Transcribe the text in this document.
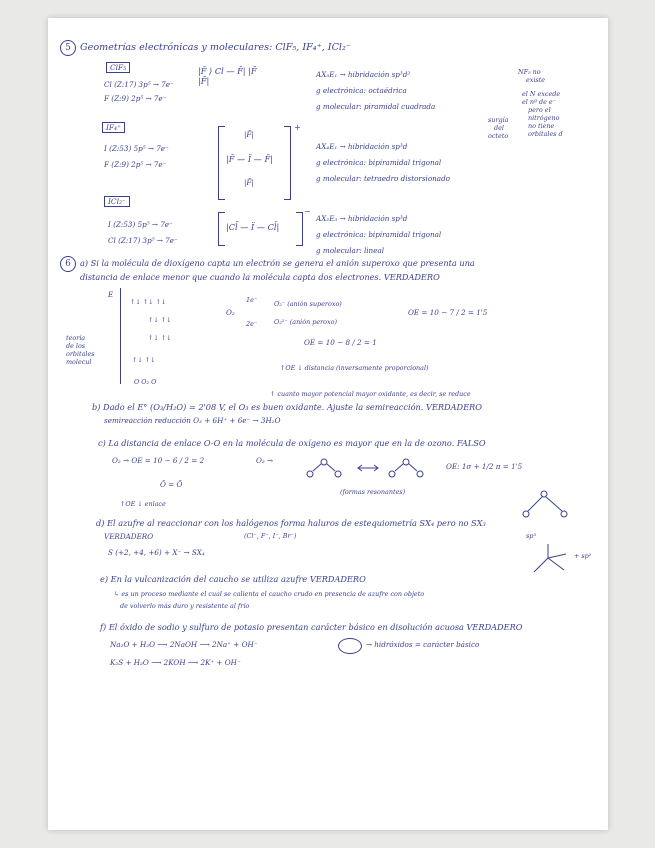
5 Geometrías electrónicas y moleculares: ClF₅, IF₄⁺, ICl₂⁻
ClF₅
Cl (Z:17) 3p⁵ → 7e⁻
F (Z:9) 2p⁵ → 7e⁻
|F̄ ⟩ Cl — F̄| |F̄ |F̄|
AX₅E₁ → hibridación sp³d²
g electrónica: octaédrica
g molecular: piramidal cuadrada
NF₅ no
existe
el N excede
el nº de e⁻
pero el
nitrógeno
no tiene
orbitales d
surgía
del
octeto
IF₄⁺
I (Z:53) 5p⁵ → 7e⁻
F (Z:9) 2p⁵ → 7e⁻
|F̄|
|F̄ — Ï — F̄|
|F̄|
+
AX₄E₁ → hibridación sp³d
g electrónica: bipiramidal trigonal
g molecular: tetraedro distorsionado
ICl₂⁻
I (Z:53) 5p⁵ → 7e⁻
Cl (Z:17) 3p⁵ → 7e⁻
|Cl̄ — Ï — Cl̄|
−
AX₂E₃ → hibridación sp³d
g electrónica: bipiramidal trigonal
g molecular: lineal
6	a) Si la molécula de dioxígeno capta un electrón se genera el anión superoxo que presenta una
distancia de enlace menor que cuando la molécula capta dos electrones. VERDADERO
E
teoría
de los
orbitales
molecul
↑↓ ↑↓ ↑↓
↑↓ ↑↓
↑↓ ↑↓
↑↓ ↑↓
O O₂ O
O₂
1e⁻
2e⁻
O₂⁻ (anión superoxo)
O₂²⁻ (anión peroxo)
OE = 10 − 7 / 2 = 1'5
OE = 10 − 8 / 2 = 1
↑OE ↓ distancia (inversamente proporcional)
↑ cuanto mayor potencial mayor oxidante, es decir, se reduce
b) Dado el E° (O₃/H₂O) = 2'08 V, el O₃ es buen oxidante. Ajuste la semireacción. VERDADERO
semireacción reducción O₃ + 6H⁺ + 6e⁻ → 3H₂O
c) La distancia de enlace O-O en la molécula de oxígeno es mayor que en la de ozono. FALSO
O₂ → OE = 10 − 6 / 2 = 2	O₃ →
OE: 1σ + 1/2 π = 1'5
Ō = Ō
(formas resonantes)
↑OE ↓ enlace
d) El azufre al reaccionar con los halógenos forma haluros de estequiometría SX₄ pero no SX₃
VERDADERO	(Cl⁻, F⁻, I⁻, Br⁻)
S (+2, +4, +6) + X⁻ → SX₄
sp³
+ sp²
e) En la vulcanización del caucho se utiliza azufre VERDADERO
↳ es un proceso mediante el cual se calienta el caucho crudo en presencia de azufre con objeto
de volverlo más duro y resistente al frío
f) El óxido de sodio y sulfuro de potasio presentan carácter básico en disolución acuosa VERDADERO
Na₂O + H₂O ⟶ 2NaOH ⟶ 2Na⁺ + OH⁻	→ hidróxidos = carácter básico
K₂S + H₂O ⟶ 2KOH ⟶ 2K⁺ + OH⁻
